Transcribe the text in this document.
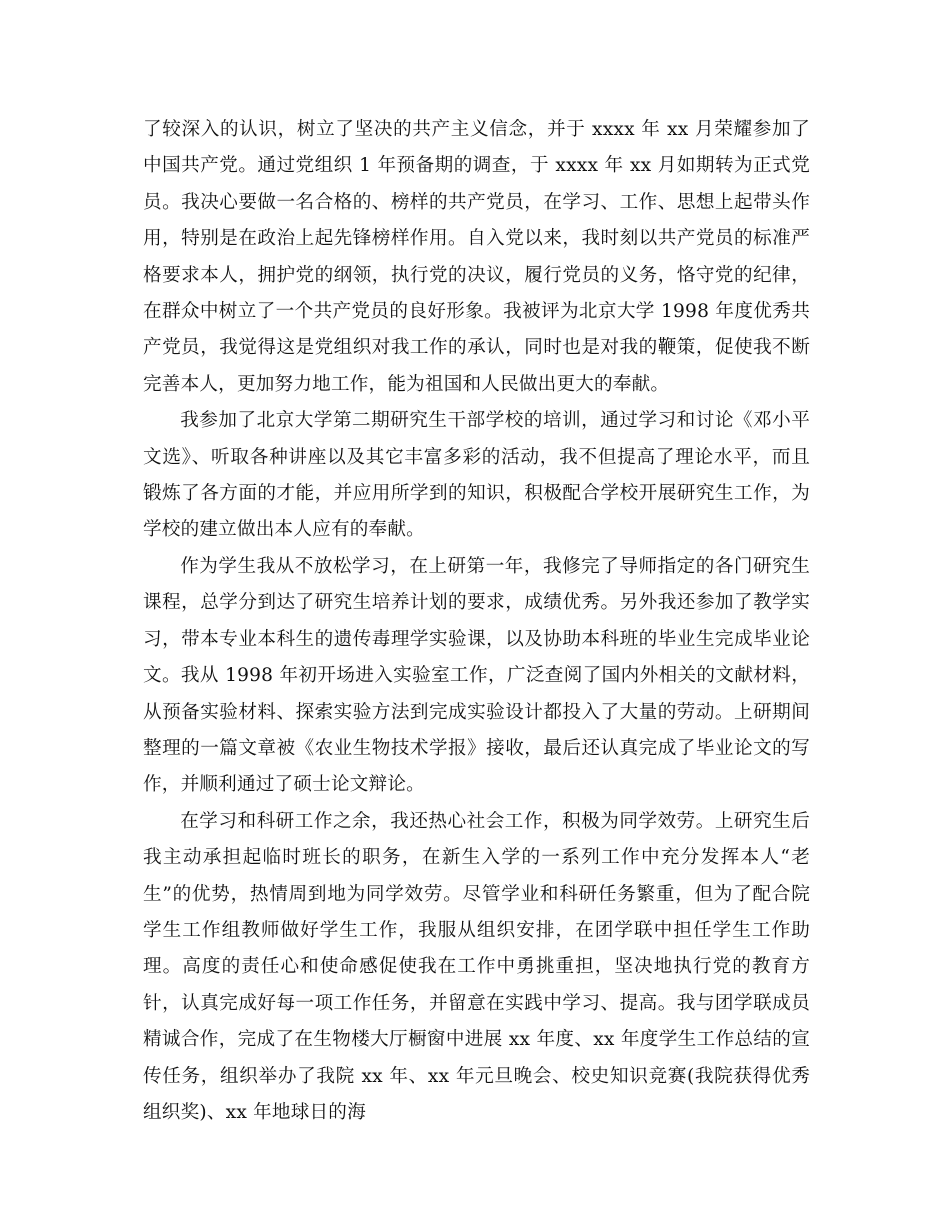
了较深入的认识，树立了坚决的共产主义信念，并于 xxxx 年 xx 月荣耀参加了中国共产党。通过党组织 1 年预备期的调查，于 xxxx 年 xx 月如期转为正式党员。我决心要做一名合格的、榜样的共产党员，在学习、工作、思想上起带头作用，特别是在政治上起先锋榜样作用。自入党以来，我时刻以共产党员的标准严格要求本人，拥护党的纲领，执行党的决议，履行党员的义务，恪守党的纪律，在群众中树立了一个共产党员的良好形象。我被评为北京大学 1998 年度优秀共产党员，我觉得这是党组织对我工作的承认，同时也是对我的鞭策，促使我不断完善本人，更加努力地工作，能为祖国和人民做出更大的奉献。

我参加了北京大学第二期研究生干部学校的培训，通过学习和讨论《邓小平文选》、听取各种讲座以及其它丰富多彩的活动，我不但提高了理论水平，而且锻炼了各方面的才能，并应用所学到的知识，积极配合学校开展研究生工作，为学校的建立做出本人应有的奉献。

作为学生我从不放松学习，在上研第一年，我修完了导师指定的各门研究生课程，总学分到达了研究生培养计划的要求，成绩优秀。另外我还参加了教学实习，带本专业本科生的遗传毒理学实验课，以及协助本科班的毕业生完成毕业论文。我从 1998 年初开场进入实验室工作，广泛查阅了国内外相关的文献材料，从预备实验材料、探索实验方法到完成实验设计都投入了大量的劳动。上研期间整理的一篇文章被《农业生物技术学报》接收，最后还认真完成了毕业论文的写作，并顺利通过了硕士论文辩论。

在学习和科研工作之余，我还热心社会工作，积极为同学效劳。上研究生后我主动承担起临时班长的职务，在新生入学的一系列工作中充分发挥本人“老生”的优势，热情周到地为同学效劳。尽管学业和科研任务繁重，但为了配合院学生工作组教师做好学生工作，我服从组织安排，在团学联中担任学生工作助理。高度的责任心和使命感促使我在工作中勇挑重担，坚决地执行党的教育方针，认真完成好每一项工作任务，并留意在实践中学习、提高。我与团学联成员精诚合作，完成了在生物楼大厅橱窗中进展 xx 年度、xx 年度学生工作总结的宣传任务，组织举办了我院 xx 年、xx 年元旦晚会、校史知识竞赛(我院获得优秀组织奖)、xx 年地球日的海
